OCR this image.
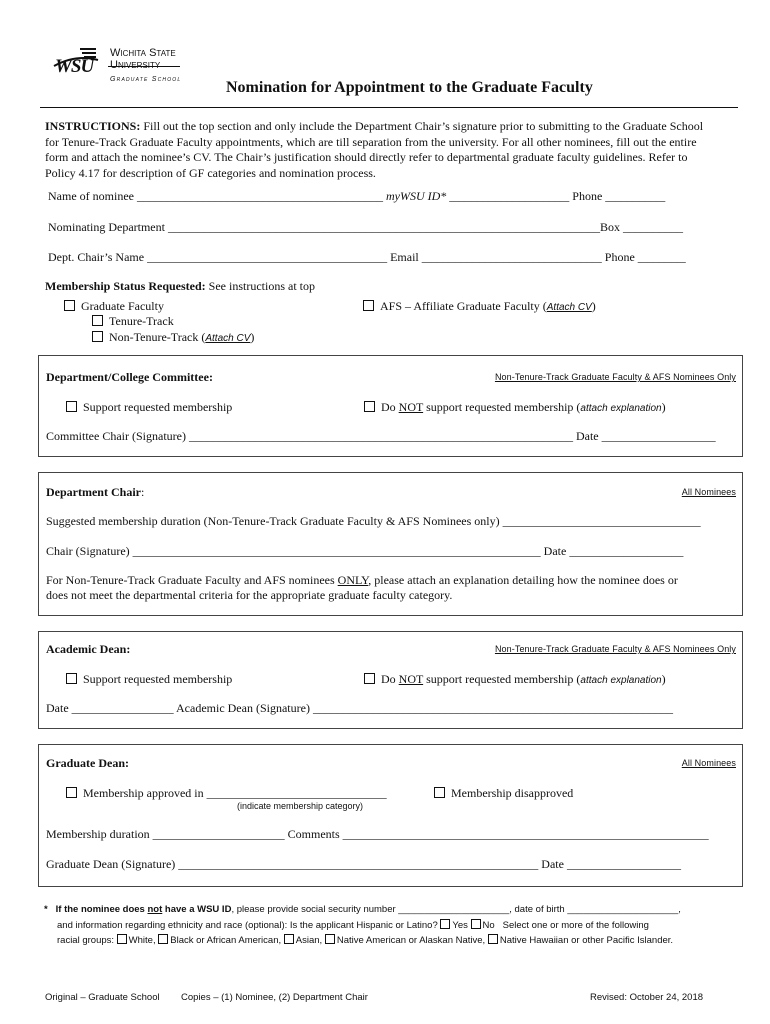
WSU
Wichita State
University
Graduate School	Nomination for Appointment to the Graduate Faculty
INSTRUCTIONS: Fill out the top section and only include the Department Chair’s signature prior to submitting to the Graduate School
for Tenure-Track Graduate Faculty appointments, which are till separation from the university. For all other nominees, fill out the entire
form and attach the nominee’s CV. The Chair’s justification should directly refer to departmental graduate faculty guidelines. Refer to
Policy 4.17 for description of GF categories and nomination process.
Name of nominee _________________________________________ myWSU ID* ____________________ Phone __________
Nominating Department ________________________________________________________________________Box __________
Dept. Chair’s Name ________________________________________ Email ______________________________ Phone ________
Membership Status Requested: See instructions at top
Graduate Faculty
Tenure-Track
Non-Tenure-Track (Attach CV)
AFS – Affiliate Graduate Faculty (Attach CV)
Department/College Committee:	Non-Tenure-Track Graduate Faculty & AFS Nominees Only
Support requested membership	Do NOT support requested membership (attach explanation)
Committee Chair (Signature) ________________________________________________________________ Date ___________________
Department Chair:	All Nominees
Suggested membership duration (Non-Tenure-Track Graduate Faculty & AFS Nominees only) _________________________________
Chair (Signature) ____________________________________________________________________ Date ___________________
For Non-Tenure-Track Graduate Faculty and AFS nominees ONLY, please attach an explanation detailing how the nominee does or
does not meet the departmental criteria for the appropriate graduate faculty category.
Academic Dean:	Non-Tenure-Track Graduate Faculty & AFS Nominees Only
Support requested membership	Do NOT support requested membership (attach explanation)
Date _________________ Academic Dean (Signature) ____________________________________________________________
Graduate Dean:	All Nominees
Membership approved in ______________________________
(indicate membership category)
Membership disapproved
Membership duration ______________________ Comments _____________________________________________________________
Graduate Dean (Signature) ____________________________________________________________ Date ___________________
* If the nominee does not have a WSU ID, please provide social security number _____________________, date of birth _____________________,
and information regarding ethnicity and race (optional): Is the applicant Hispanic or Latino? Yes No Select one or more of the following
racial groups: White, Black or African American, Asian, Native American or Alaskan Native, Native Hawaiian or other Pacific Islander.
Original – Graduate School Copies – (1) Nominee, (2) Department Chair	Revised: October 24, 2018
